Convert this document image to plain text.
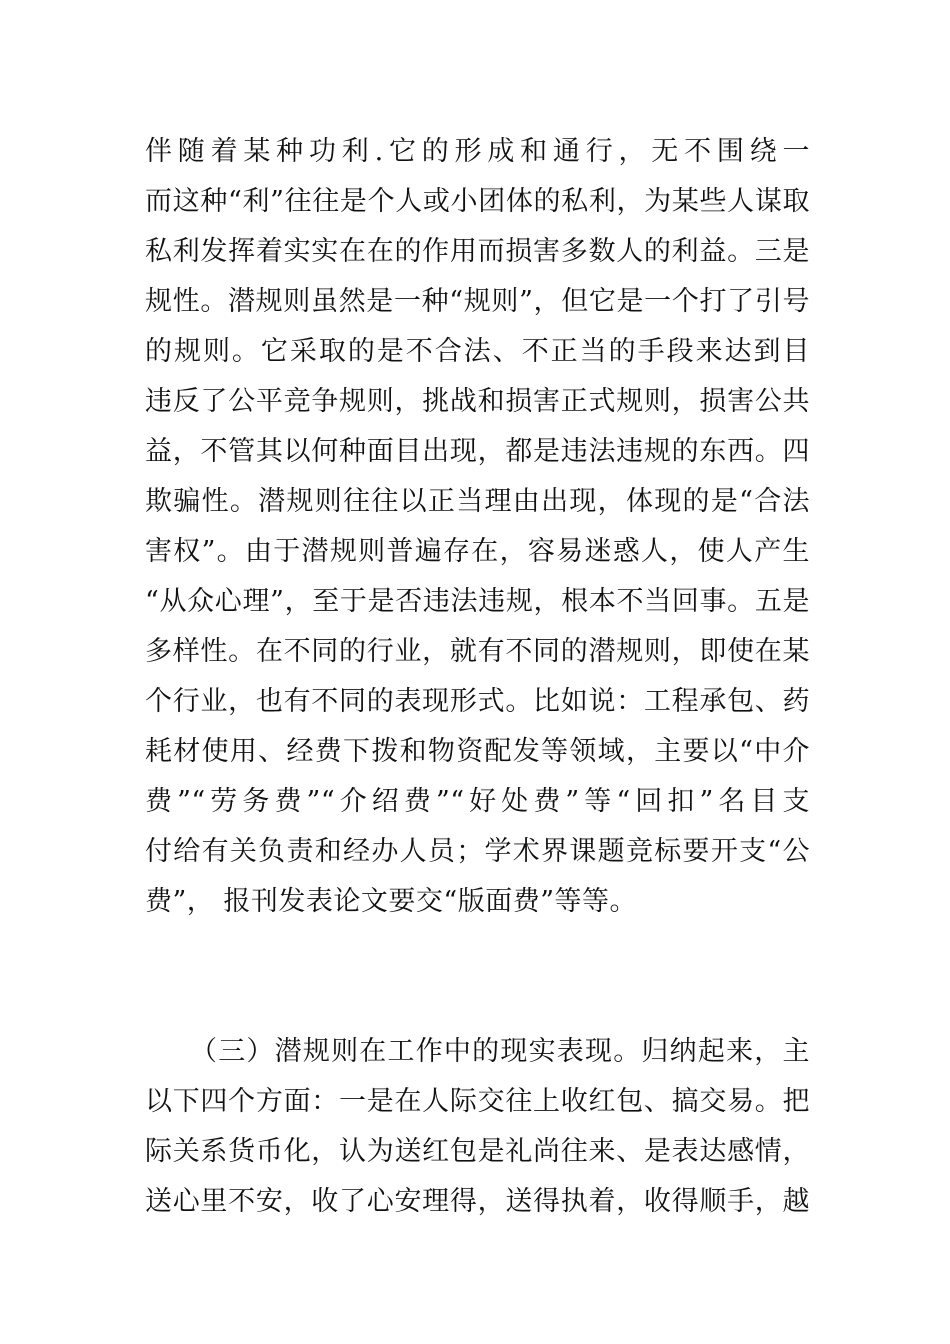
伴随着某种功利.它的形成和通行，无不围绕一
而这种“利”往往是个人或小团体的私利，为某些人谋取
私利发挥着实实在在的作用而损害多数人的利益。三是
规性。潜规则虽然是一种“规则”，但它是一个打了引号
的规则。它采取的是不合法、不正当的手段来达到目
违反了公平竞争规则，挑战和损害正式规则，损害公共
益，不管其以何种面目出现，都是违法违规的东西。四
欺骗性。潜规则往往以正当理由出现，体现的是“合法
害权”。由于潜规则普遍存在，容易迷惑人，使人产生
“从众心理”，至于是否违法违规，根本不当回事。五是
多样性。在不同的行业，就有不同的潜规则，即使在某
个行业，也有不同的表现形式。比如说：工程承包、药
耗材使用、经费下拨和物资配发等领域，主要以“中介
费”“劳务费”“介绍费”“好处费”等“回扣”名目支
付给有关负责和经办人员；学术界课题竞标要开支“公
费”， 报刊发表论文要交“版面费”等等。
（三）潜规则在工作中的现实表现。归纳起来，主
以下四个方面：一是在人际交往上收红包、搞交易。把
际关系货币化，认为送红包是礼尚往来、是表达感情，
送心里不安，收了心安理得，送得执着，收得顺手，越
